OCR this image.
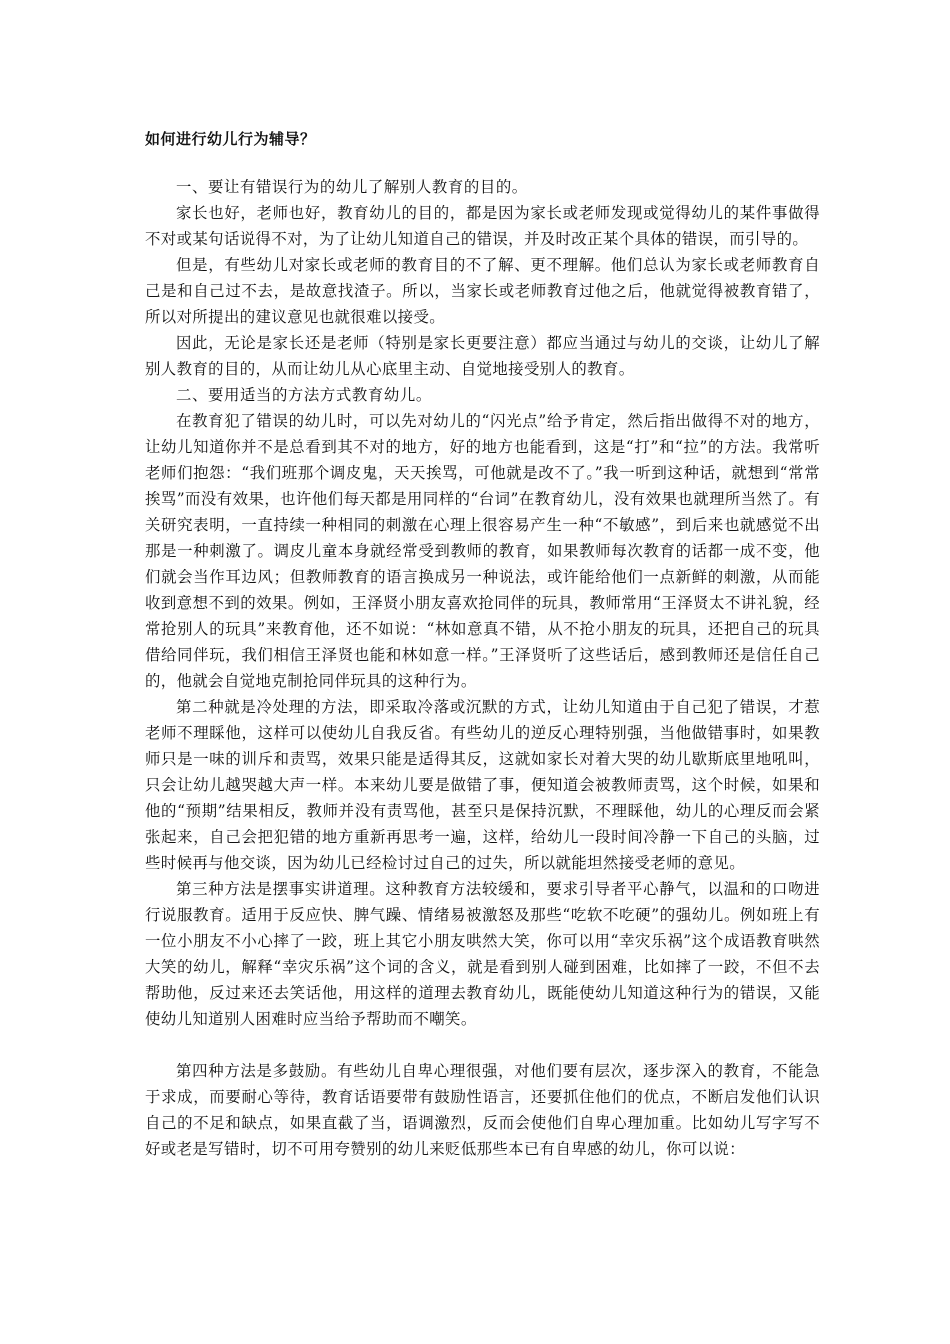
如何进行幼儿行为辅导？

一、要让有错误行为的幼儿了解别人教育的目的。

家长也好，老师也好，教育幼儿的目的，都是因为家长或老师发现或觉得幼儿的某件事做得不对或某句话说得不对，为了让幼儿知道自己的错误，并及时改正某个具体的错误，而引导的。

但是，有些幼儿对家长或老师的教育目的不了解、更不理解。他们总认为家长或老师教育自己是和自己过不去，是故意找渣子。所以，当家长或老师教育过他之后，他就觉得被教育错了，所以对所提出的建议意见也就很难以接受。

因此，无论是家长还是老师（特别是家长更要注意）都应当通过与幼儿的交谈，让幼儿了解别人教育的目的，从而让幼儿从心底里主动、自觉地接受别人的教育。

二、要用适当的方法方式教育幼儿。

在教育犯了错误的幼儿时，可以先对幼儿的“闪光点”给予肯定，然后指出做得不对的地方，让幼儿知道你并不是总看到其不对的地方，好的地方也能看到，这是“打”和“拉”的方法。我常听老师们抱怨：“我们班那个调皮鬼，天天挨骂，可他就是改不了。”我一听到这种话，就想到“常常挨骂”而没有效果，也许他们每天都是用同样的“台词”在教育幼儿，没有效果也就理所当然了。有关研究表明，一直持续一种相同的刺激在心理上很容易产生一种“不敏感”，到后来也就感觉不出那是一种刺激了。调皮儿童本身就经常受到教师的教育，如果教师每次教育的话都一成不变，他们就会当作耳边风；但教师教育的语言换成另一种说法，或许能给他们一点新鲜的刺激，从而能收到意想不到的效果。例如，王泽贤小朋友喜欢抢同伴的玩具，教师常用“王泽贤太不讲礼貌，经常抢别人的玩具”来教育他，还不如说：“林如意真不错，从不抢小朋友的玩具，还把自己的玩具借给同伴玩，我们相信王泽贤也能和林如意一样。”王泽贤听了这些话后，感到教师还是信任自己的，他就会自觉地克制抢同伴玩具的这种行为。

第二种就是冷处理的方法，即采取冷落或沉默的方式，让幼儿知道由于自己犯了错误，才惹老师不理睬他，这样可以使幼儿自我反省。有些幼儿的逆反心理特别强，当他做错事时，如果教师只是一味的训斥和责骂，效果只能是适得其反，这就如家长对着大哭的幼儿歇斯底里地吼叫，只会让幼儿越哭越大声一样。本来幼儿要是做错了事，便知道会被教师责骂，这个时候，如果和他的“预期”结果相反，教师并没有责骂他，甚至只是保持沉默，不理睬他，幼儿的心理反而会紧张起来，自己会把犯错的地方重新再思考一遍，这样，给幼儿一段时间冷静一下自己的头脑，过些时候再与他交谈，因为幼儿已经检讨过自己的过失，所以就能坦然接受老师的意见。

第三种方法是摆事实讲道理。这种教育方法较缓和，要求引导者平心静气，以温和的口吻进行说服教育。适用于反应快、脾气躁、情绪易被激怒及那些“吃软不吃硬”的强幼儿。例如班上有一位小朋友不小心摔了一跤，班上其它小朋友哄然大笑，你可以用“幸灾乐祸”这个成语教育哄然大笑的幼儿，解释“幸灾乐祸”这个词的含义，就是看到别人碰到困难，比如摔了一跤，不但不去帮助他，反过来还去笑话他，用这样的道理去教育幼儿，既能使幼儿知道这种行为的错误，又能使幼儿知道别人困难时应当给予帮助而不嘲笑。

第四种方法是多鼓励。有些幼儿自卑心理很强，对他们要有层次，逐步深入的教育，不能急于求成，而要耐心等待，教育话语要带有鼓励性语言，还要抓住他们的优点，不断启发他们认识自己的不足和缺点，如果直截了当，语调激烈，反而会使他们自卑心理加重。比如幼儿写字写不好或老是写错时，切不可用夸赞别的幼儿来贬低那些本已有自卑感的幼儿，你可以说：
